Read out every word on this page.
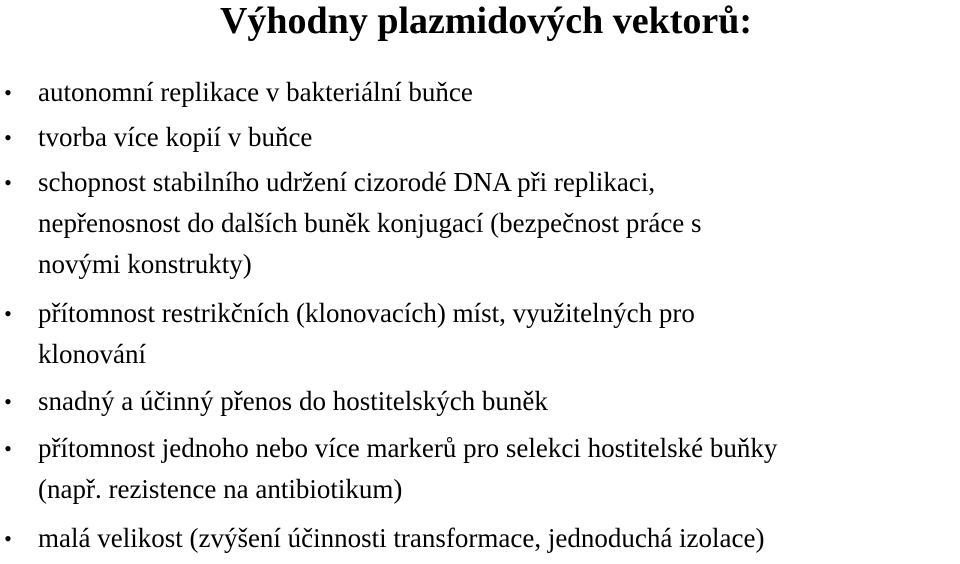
Výhodny plazmidových vektorů:
• autonomní replikace v bakteriální buňce
• tvorba více kopií v buňce
• schopnost stabilního udržení cizorodé DNA při replikaci,
nepřenosnost do dalších buněk konjugací (bezpečnost práce s
novými konstrukty)
• přítomnost restrikčních (klonovacích) míst, využitelných pro
klonování
• snadný a účinný přenos do hostitelských buněk
• přítomnost jednoho nebo více markerů pro selekci hostitelské buňky
(např. rezistence na antibiotikum)
• malá velikost (zvýšení účinnosti transformace, jednoduchá izolace)
